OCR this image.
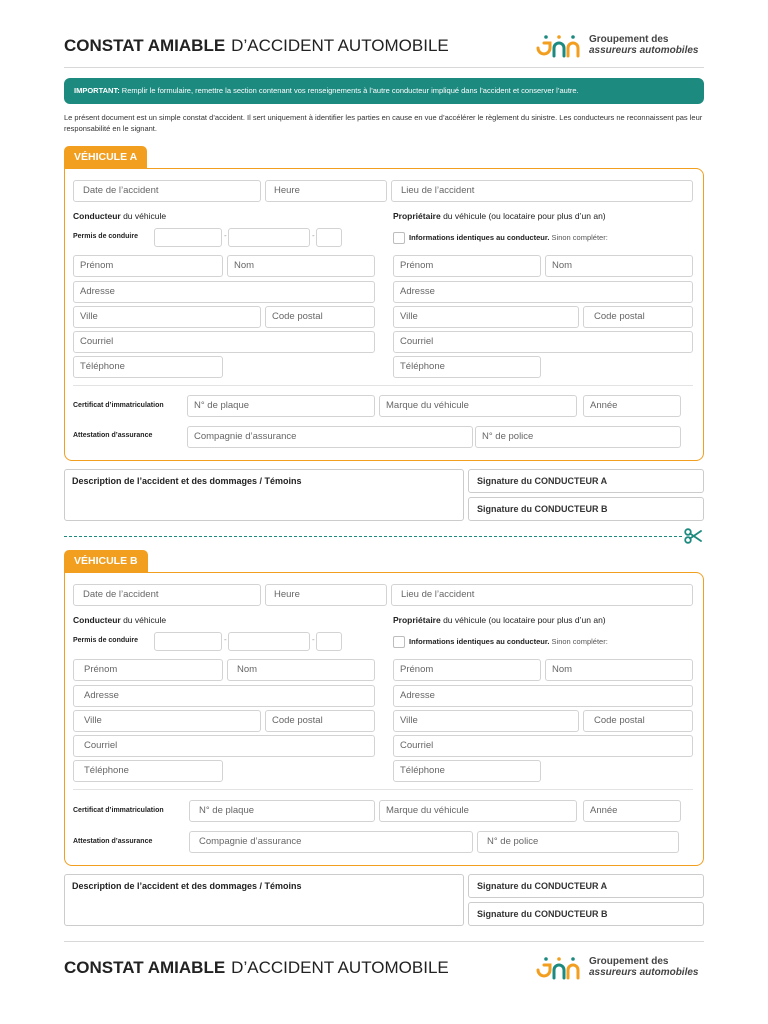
CONSTAT AMIABLE D’ACCIDENT AUTOMOBILE	Groupement des
assureurs automobiles
IMPORTANT: Remplir le formulaire, remettre la section contenant vos renseignements à l’autre conducteur impliqué dans l’accident et conserver l’autre.
Le présent document est un simple constat d’accident. Il sert uniquement à identifier les parties en cause en vue d’accélérer le règlement du sinistre. Les conducteurs ne reconnaissent pas leur responsabilité en le signant.
VÉHICULE A
Date de l’accident	Heure	Lieu de l’accident
Conducteur du véhicule	Propriétaire du véhicule (ou locataire pour plus d’un an)
Permis de conduire	-	-	Informations identiques au conducteur. Sinon compléter:
Prénom	Nom	Prénom	Nom
Adresse	Adresse
Ville	Code postal	Ville	Code postal
Courriel	Courriel
Téléphone	Téléphone
Certificat d’immatriculation	N° de plaque	Marque du véhicule	Année
Attestation d’assurance	Compagnie d’assurance	N° de police
Description de l’accident et des dommages / Témoins	Signature du CONDUCTEUR A
Signature du CONDUCTEUR B
VÉHICULE B
Date de l’accident	Heure	Lieu de l’accident
Conducteur du véhicule	Propriétaire du véhicule (ou locataire pour plus d’un an)
Permis de conduire	-	-	Informations identiques au conducteur. Sinon compléter:
Prénom	Nom	Prénom	Nom
Adresse	Adresse
Ville	Code postal	Ville	Code postal
Courriel	Courriel
Téléphone	Téléphone
Certificat d’immatriculation	N° de plaque	Marque du véhicule	Année
Attestation d’assurance	Compagnie d’assurance	N° de police
Description de l’accident et des dommages / Témoins	Signature du CONDUCTEUR A
Signature du CONDUCTEUR B
CONSTAT AMIABLE D’ACCIDENT AUTOMOBILE	Groupement des
assureurs automobiles
